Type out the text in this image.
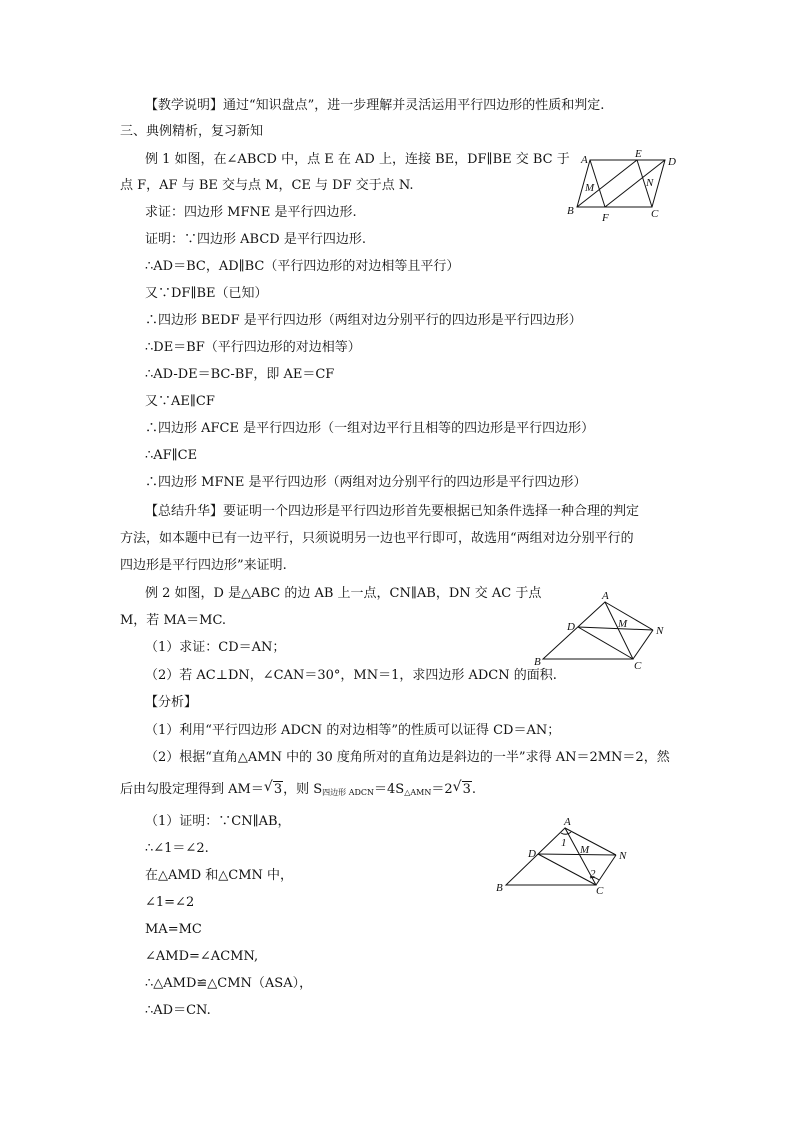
【教学说明】通过“知识盘点”，进一步理解并灵活运用平行四边形的性质和判定.
三、典例精析，复习新知
例 1 如图，在∠ABCD 中，点 E 在 AD 上，连接 BE，DF∥BE 交 BC 于
点 F，AF 与 BE 交与点 M，CE 与 DF 交于点 N.
求证：四边形 MFNE 是平行四边形.
证明：∵四边形 ABCD 是平行四边形.
∴AD＝BC，AD∥BC（平行四边形的对边相等且平行）
又∵DF∥BE（已知）
∴四边形 BEDF 是平行四边形（两组对边分别平行的四边形是平行四边形）
∴DE＝BF（平行四边形的对边相等）
∴AD-DE＝BC-BF，即 AE＝CF
又∵AE∥CF
∴四边形 AFCE 是平行四边形（一组对边平行且相等的四边形是平行四边形）
∴AF∥CE
∴四边形 MFNE 是平行四边形（两组对边分别平行的四边形是平行四边形）
【总结升华】要证明一个四边形是平行四边形首先要根据已知条件选择一种合理的判定
方法，如本题中已有一边平行，只须说明另一边也平行即可，故选用“两组对边分别平行的
四边形是平行四边形”来证明.
例 2 如图，D 是△ABC 的边 AB 上一点，CN∥AB，DN 交 AC 于点
M，若 MA＝MC.
（1）求证：CD＝AN；
（2）若 AC⊥DN，∠CAN＝30°，MN＝1，求四边形 ADCN 的面积.
【分析】
（1）利用“平行四边形 ADCN 的对边相等”的性质可以证得 CD＝AN；
（2）根据“直角△AMN 中的 30 度角所对的直角边是斜边的一半”求得 AN＝2MN＝2，然
后由勾股定理得到 AM＝ √ 3，则 $S_{四边形 ADCN}=4S_{\triangle AMN}=2$ √ 3.
（1）证明：∵CN∥AB，
∴∠1＝∠2.
在△AMD 和△CMN 中，
∠1=∠2
MA=MC
∠AMD=∠ACMN,
∴△AMD≌△CMN（ASA），
∴AD＝CN.
A	E
D
M	N
B
F	C
A
D	M
N
B	C
A
D
1
M	N
2
B	C
